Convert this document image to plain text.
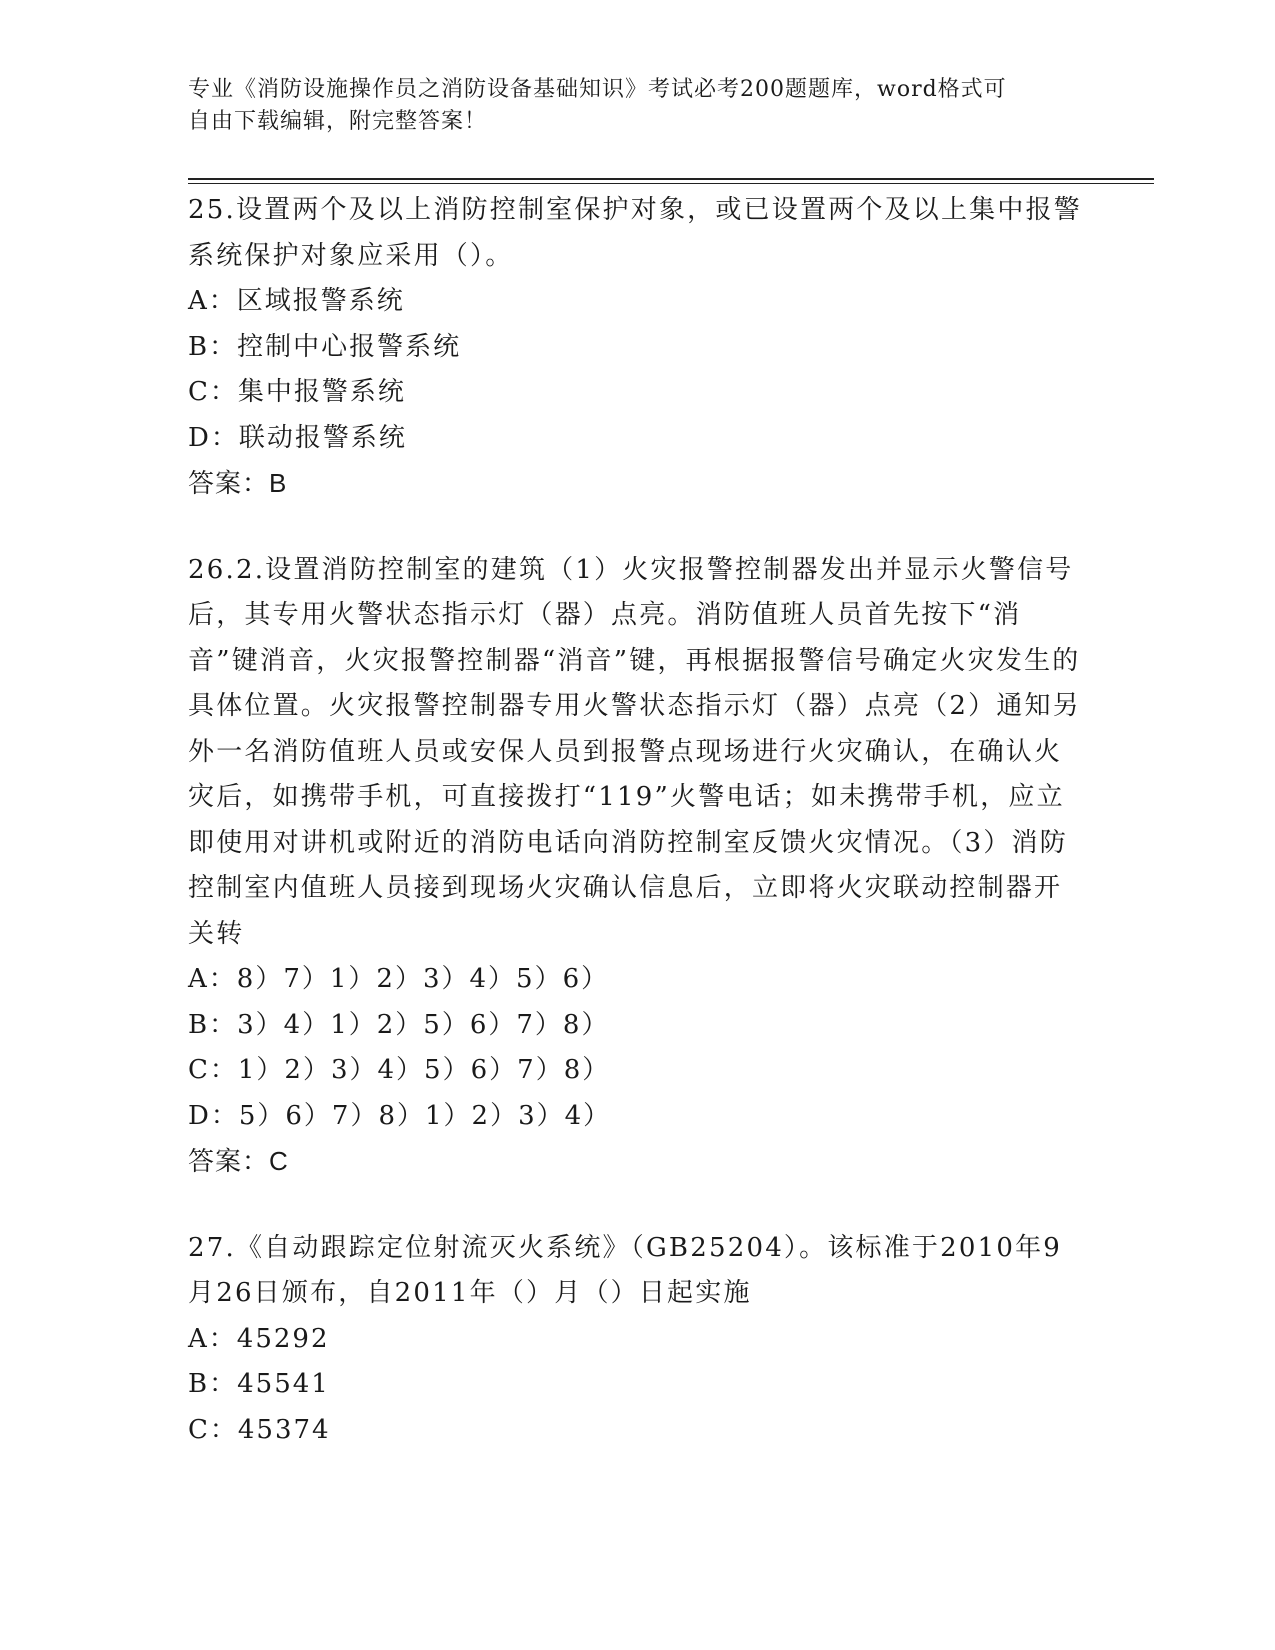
专业《消防设施操作员之消防设备基础知识》考试必考200题题库，word格式可
自由下载编辑，附完整答案！

25.设置两个及以上消防控制室保护对象，或已设置两个及以上集中报警系统保护对象应采用（）。

A：区域报警系统

B：控制中心报警系统

C：集中报警系统

D：联动报警系统

答案：B

26.2.设置消防控制室的建筑（1）火灾报警控制器发出并显示火警信号后，其专用火警状态指示灯（器）点亮。消防值班人员首先按下“消音”键消音，火灾报警控制器“消音”键，再根据报警信号确定火灾发生的具体位置。火灾报警控制器专用火警状态指示灯（器）点亮（2）通知另外一名消防值班人员或安保人员到报警点现场进行火灾确认，在确认火灾后，如携带手机，可直接拨打“119”火警电话；如未携带手机，应立即使用对讲机或附近的消防电话向消防控制室反馈火灾情况。（3）消防控制室内值班人员接到现场火灾确认信息后，立即将火灾联动控制器开关转

A：8）7）1）2）3）4）5）6）

B：3）4）1）2）5）6）7）8）

C：1）2）3）4）5）6）7）8）

D：5）6）7）8）1）2）3）4）

答案：C

27.《自动跟踪定位射流灭火系统》（GB25204）。该标准于2010年9月26日颁布，自2011年（）月（）日起实施

A：45292

B：45541

C：45374
